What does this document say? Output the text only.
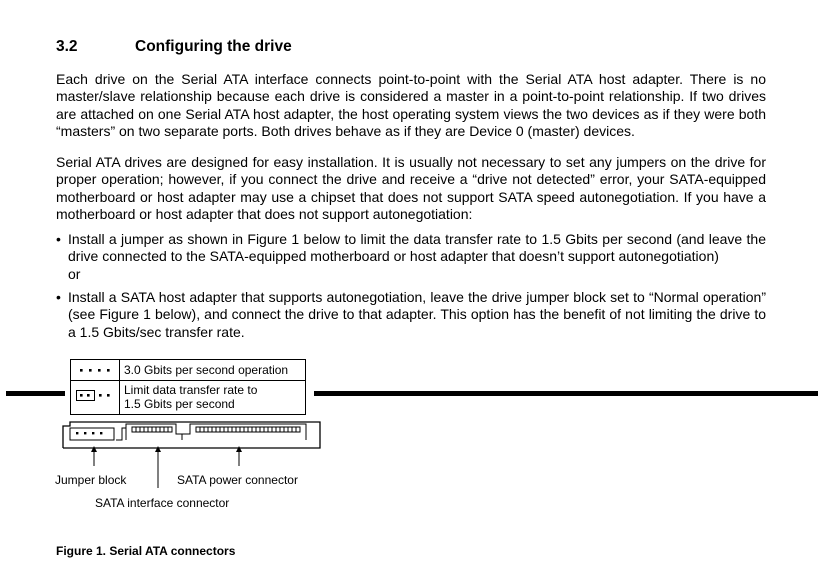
3.2	Configuring the drive

Each drive on the Serial ATA interface connects point-to-point with the Serial ATA host adapter. There is no master/slave relationship because each drive is considered a master in a point-to-point relationship. If two drives are attached on one Serial ATA host adapter, the host operating system views the two devices as if they were both “masters” on two separate ports. Both drives behave as if they are Device 0 (master) devices.

Serial ATA drives are designed for easy installation. It is usually not necessary to set any jumpers on the drive for proper operation; however, if you connect the drive and receive a “drive not detected” error, your SATA-equipped motherboard or host adapter may use a chipset that does not support SATA speed autonegotiation. If you have a motherboard or host adapter that does not support autonegotiation:

• Install a jumper as shown in Figure 1 below to limit the data transfer rate to 1.5 Gbits per second (and leave the drive connected to the SATA-equipped motherboard or host adapter that doesn’t support autonegotiation)
or
• Install a SATA host adapter that supports autonegotiation, leave the drive jumper block set to “Normal operation” (see Figure 1 below), and connect the drive to that adapter. This option has the benefit of not limiting the drive to a 1.5 Gbits/sec transfer rate.
3.0 Gbits per second operation
Limit data transfer rate to
1.5 Gbits per second
Jumper block	SATA power connector
SATA interface connector
Figure 1. Serial ATA connectors
